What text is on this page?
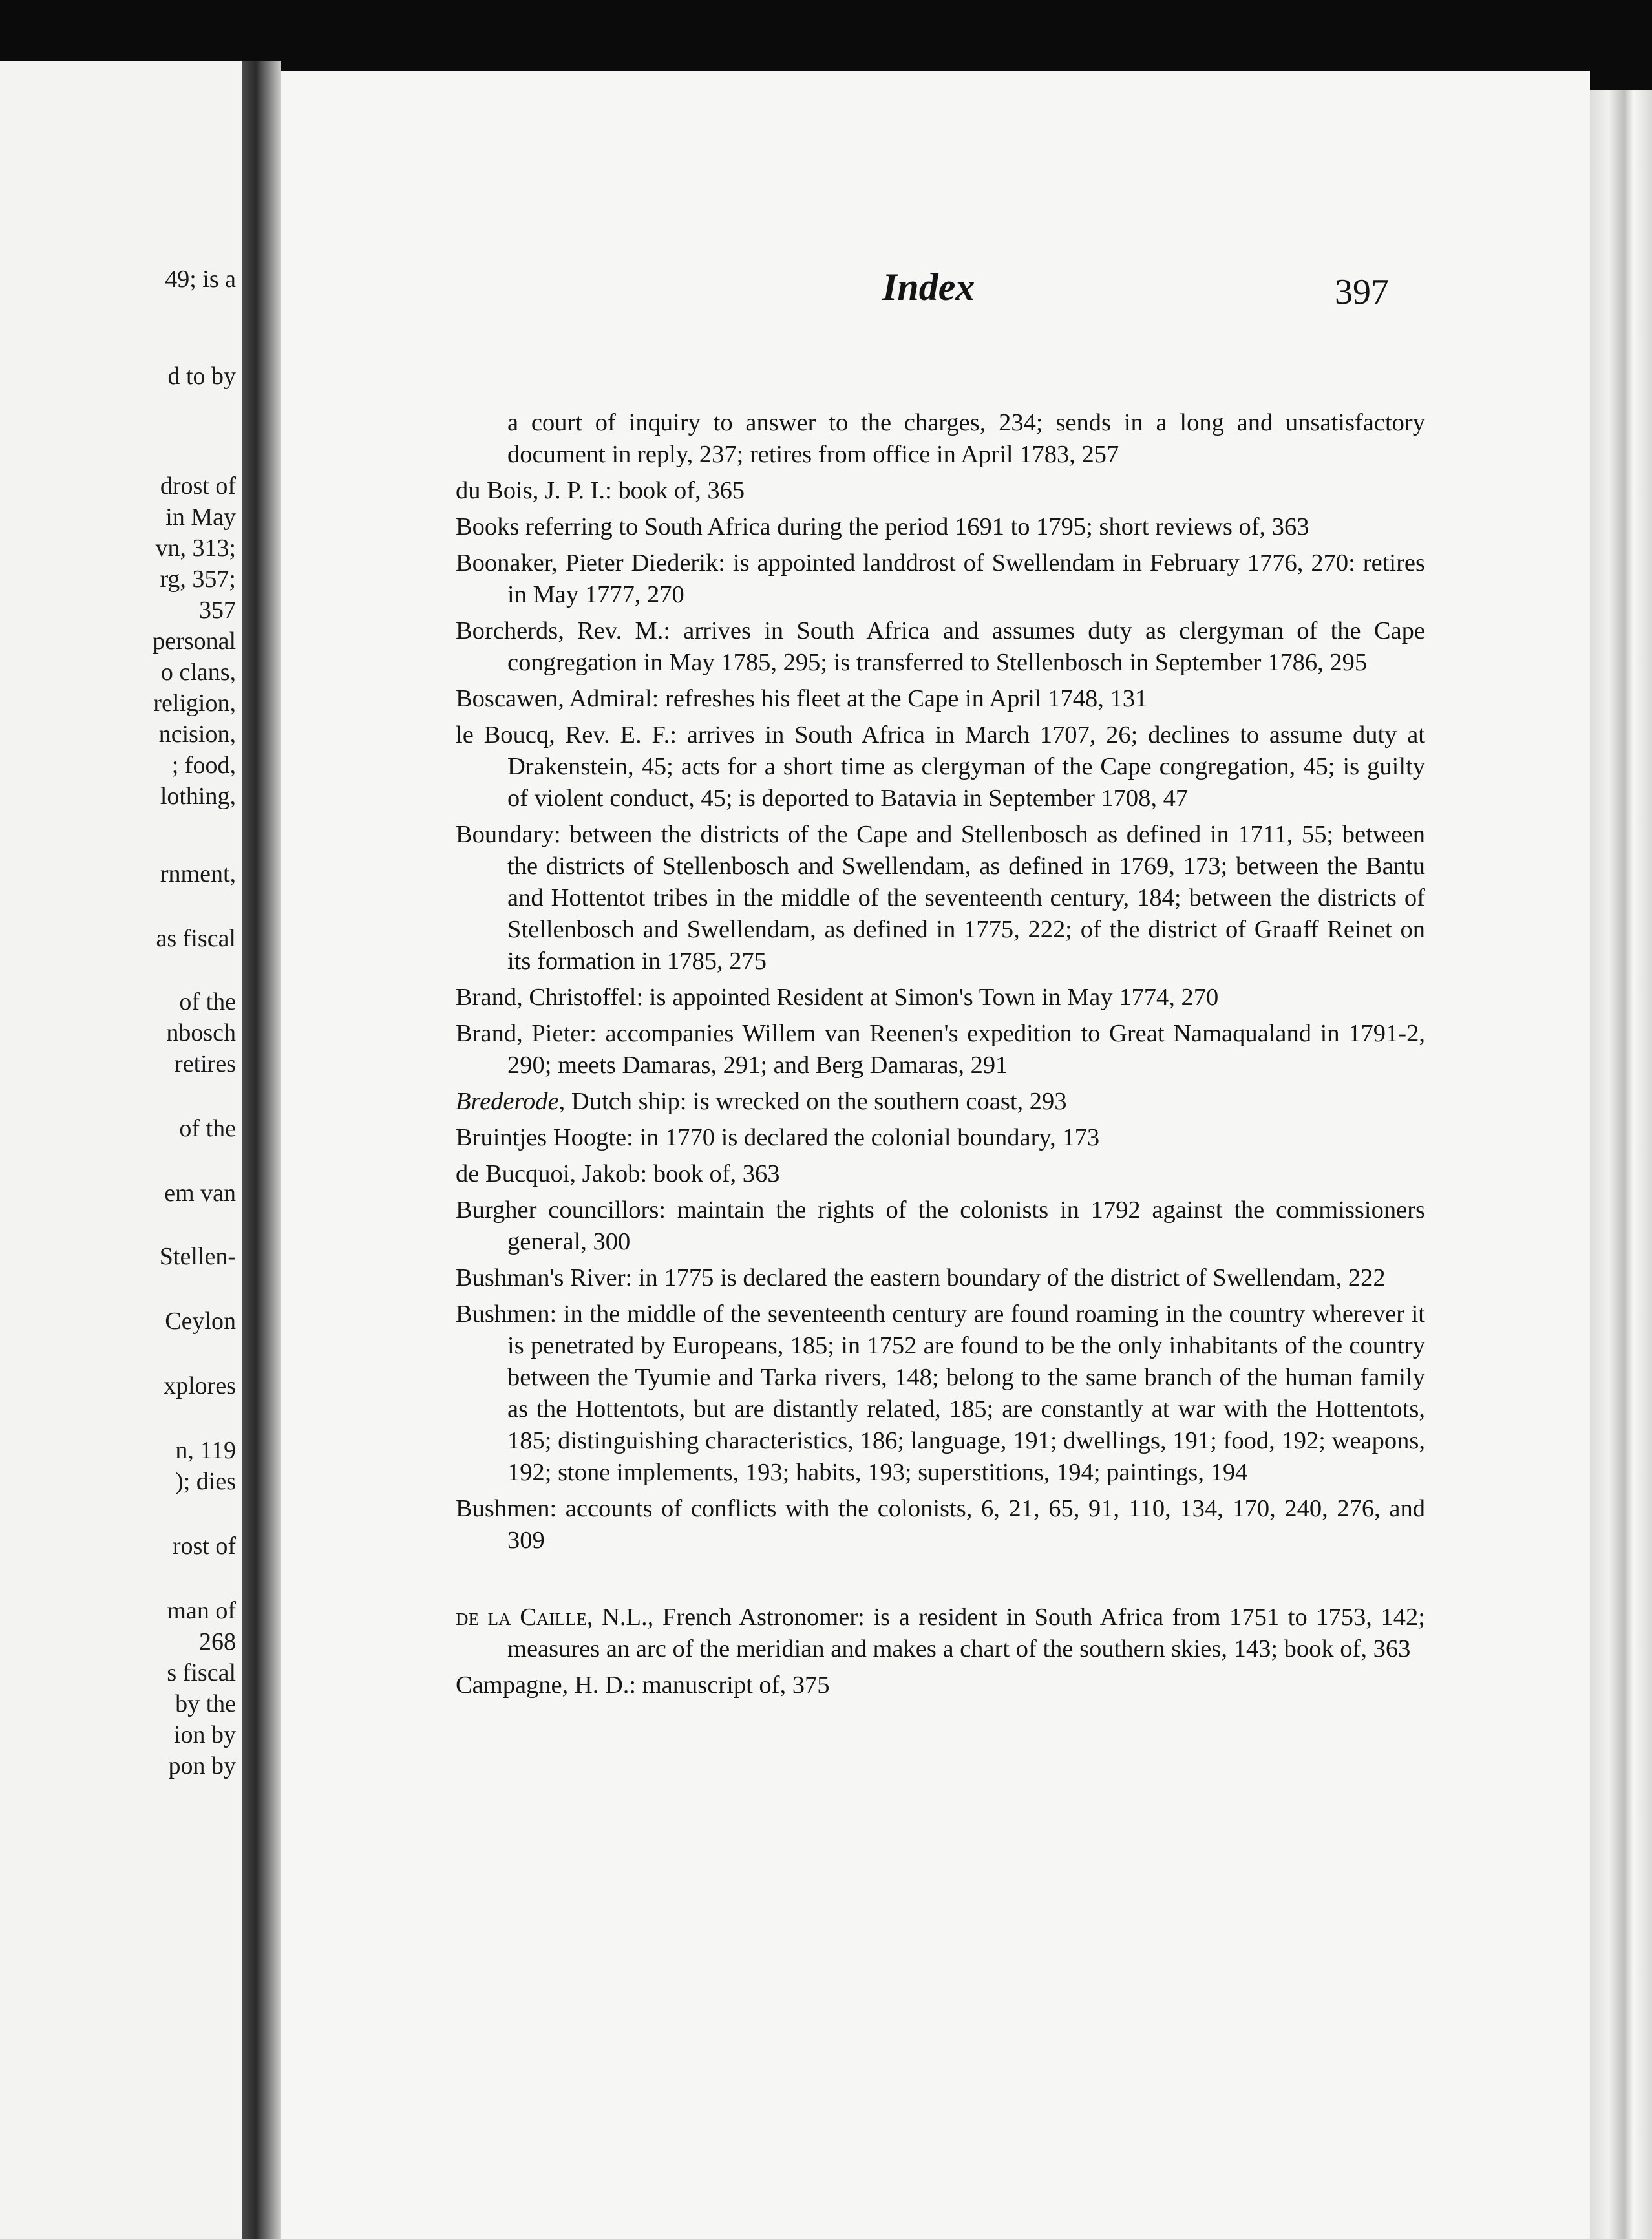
49; is a
d to by
drost of
in May
vn, 313;
rg, 357;
357
personal
o clans,
religion,
ncision,
; food,
lothing,
rnment,
as fiscal
of the
nbosch
retires
of the
em van
Stellen-
Ceylon
xplores
n, 119
); dies
rost of
man of
268
s fiscal
by the
ion by
pon by
Index	397

a court of inquiry to answer to the charges, 234; sends in a long and unsatisfactory document in reply, 237; retires from office in April 1783, 257

du Bois, J. P. I.: book of, 365

Books referring to South Africa during the period 1691 to 1795; short reviews of, 363

Boonaker, Pieter Diederik: is appointed landdrost of Swellendam in February 1776, 270: retires in May 1777, 270

Borcherds, Rev. M.: arrives in South Africa and assumes duty as clergyman of the Cape congregation in May 1785, 295; is transferred to Stellenbosch in September 1786, 295

Boscawen, Admiral: refreshes his fleet at the Cape in April 1748, 131

le Boucq, Rev. E. F.: arrives in South Africa in March 1707, 26; declines to assume duty at Drakenstein, 45; acts for a short time as clergyman of the Cape congregation, 45; is guilty of violent conduct, 45; is deported to Batavia in September 1708, 47

Boundary: between the districts of the Cape and Stellenbosch as defined in 1711, 55; between the districts of Stellenbosch and Swellendam, as defined in 1769, 173; between the Bantu and Hottentot tribes in the middle of the seventeenth century, 184; between the districts of Stellenbosch and Swellendam, as defined in 1775, 222; of the district of Graaff Reinet on its formation in 1785, 275

Brand, Christoffel: is appointed Resident at Simon's Town in May 1774, 270

Brand, Pieter: accompanies Willem van Reenen's expedition to Great Namaqualand in 1791-2, 290; meets Damaras, 291; and Berg Damaras, 291

Brederode, Dutch ship: is wrecked on the southern coast, 293

Bruintjes Hoogte: in 1770 is declared the colonial boundary, 173

de Bucquoi, Jakob: book of, 363

Burgher councillors: maintain the rights of the colonists in 1792 against the commissioners general, 300

Bushman's River: in 1775 is declared the eastern boundary of the district of Swellendam, 222

Bushmen: in the middle of the seventeenth century are found roaming in the country wherever it is penetrated by Europeans, 185; in 1752 are found to be the only inhabitants of the country between the Tyumie and Tarka rivers, 148; belong to the same branch of the human family as the Hottentots, but are distantly related, 185; are constantly at war with the Hottentots, 185; distinguishing characteristics, 186; language, 191; dwellings, 191; food, 192; weapons, 192; stone implements, 193; habits, 193; superstitions, 194; paintings, 194

Bushmen: accounts of conflicts with the colonists, 6, 21, 65, 91, 110, 134, 170, 240, 276, and 309

de la Caille, N.L., French Astronomer: is a resident in South Africa from 1751 to 1753, 142; measures an arc of the meridian and makes a chart of the southern skies, 143; book of, 363

Campagne, H. D.: manuscript of, 375
